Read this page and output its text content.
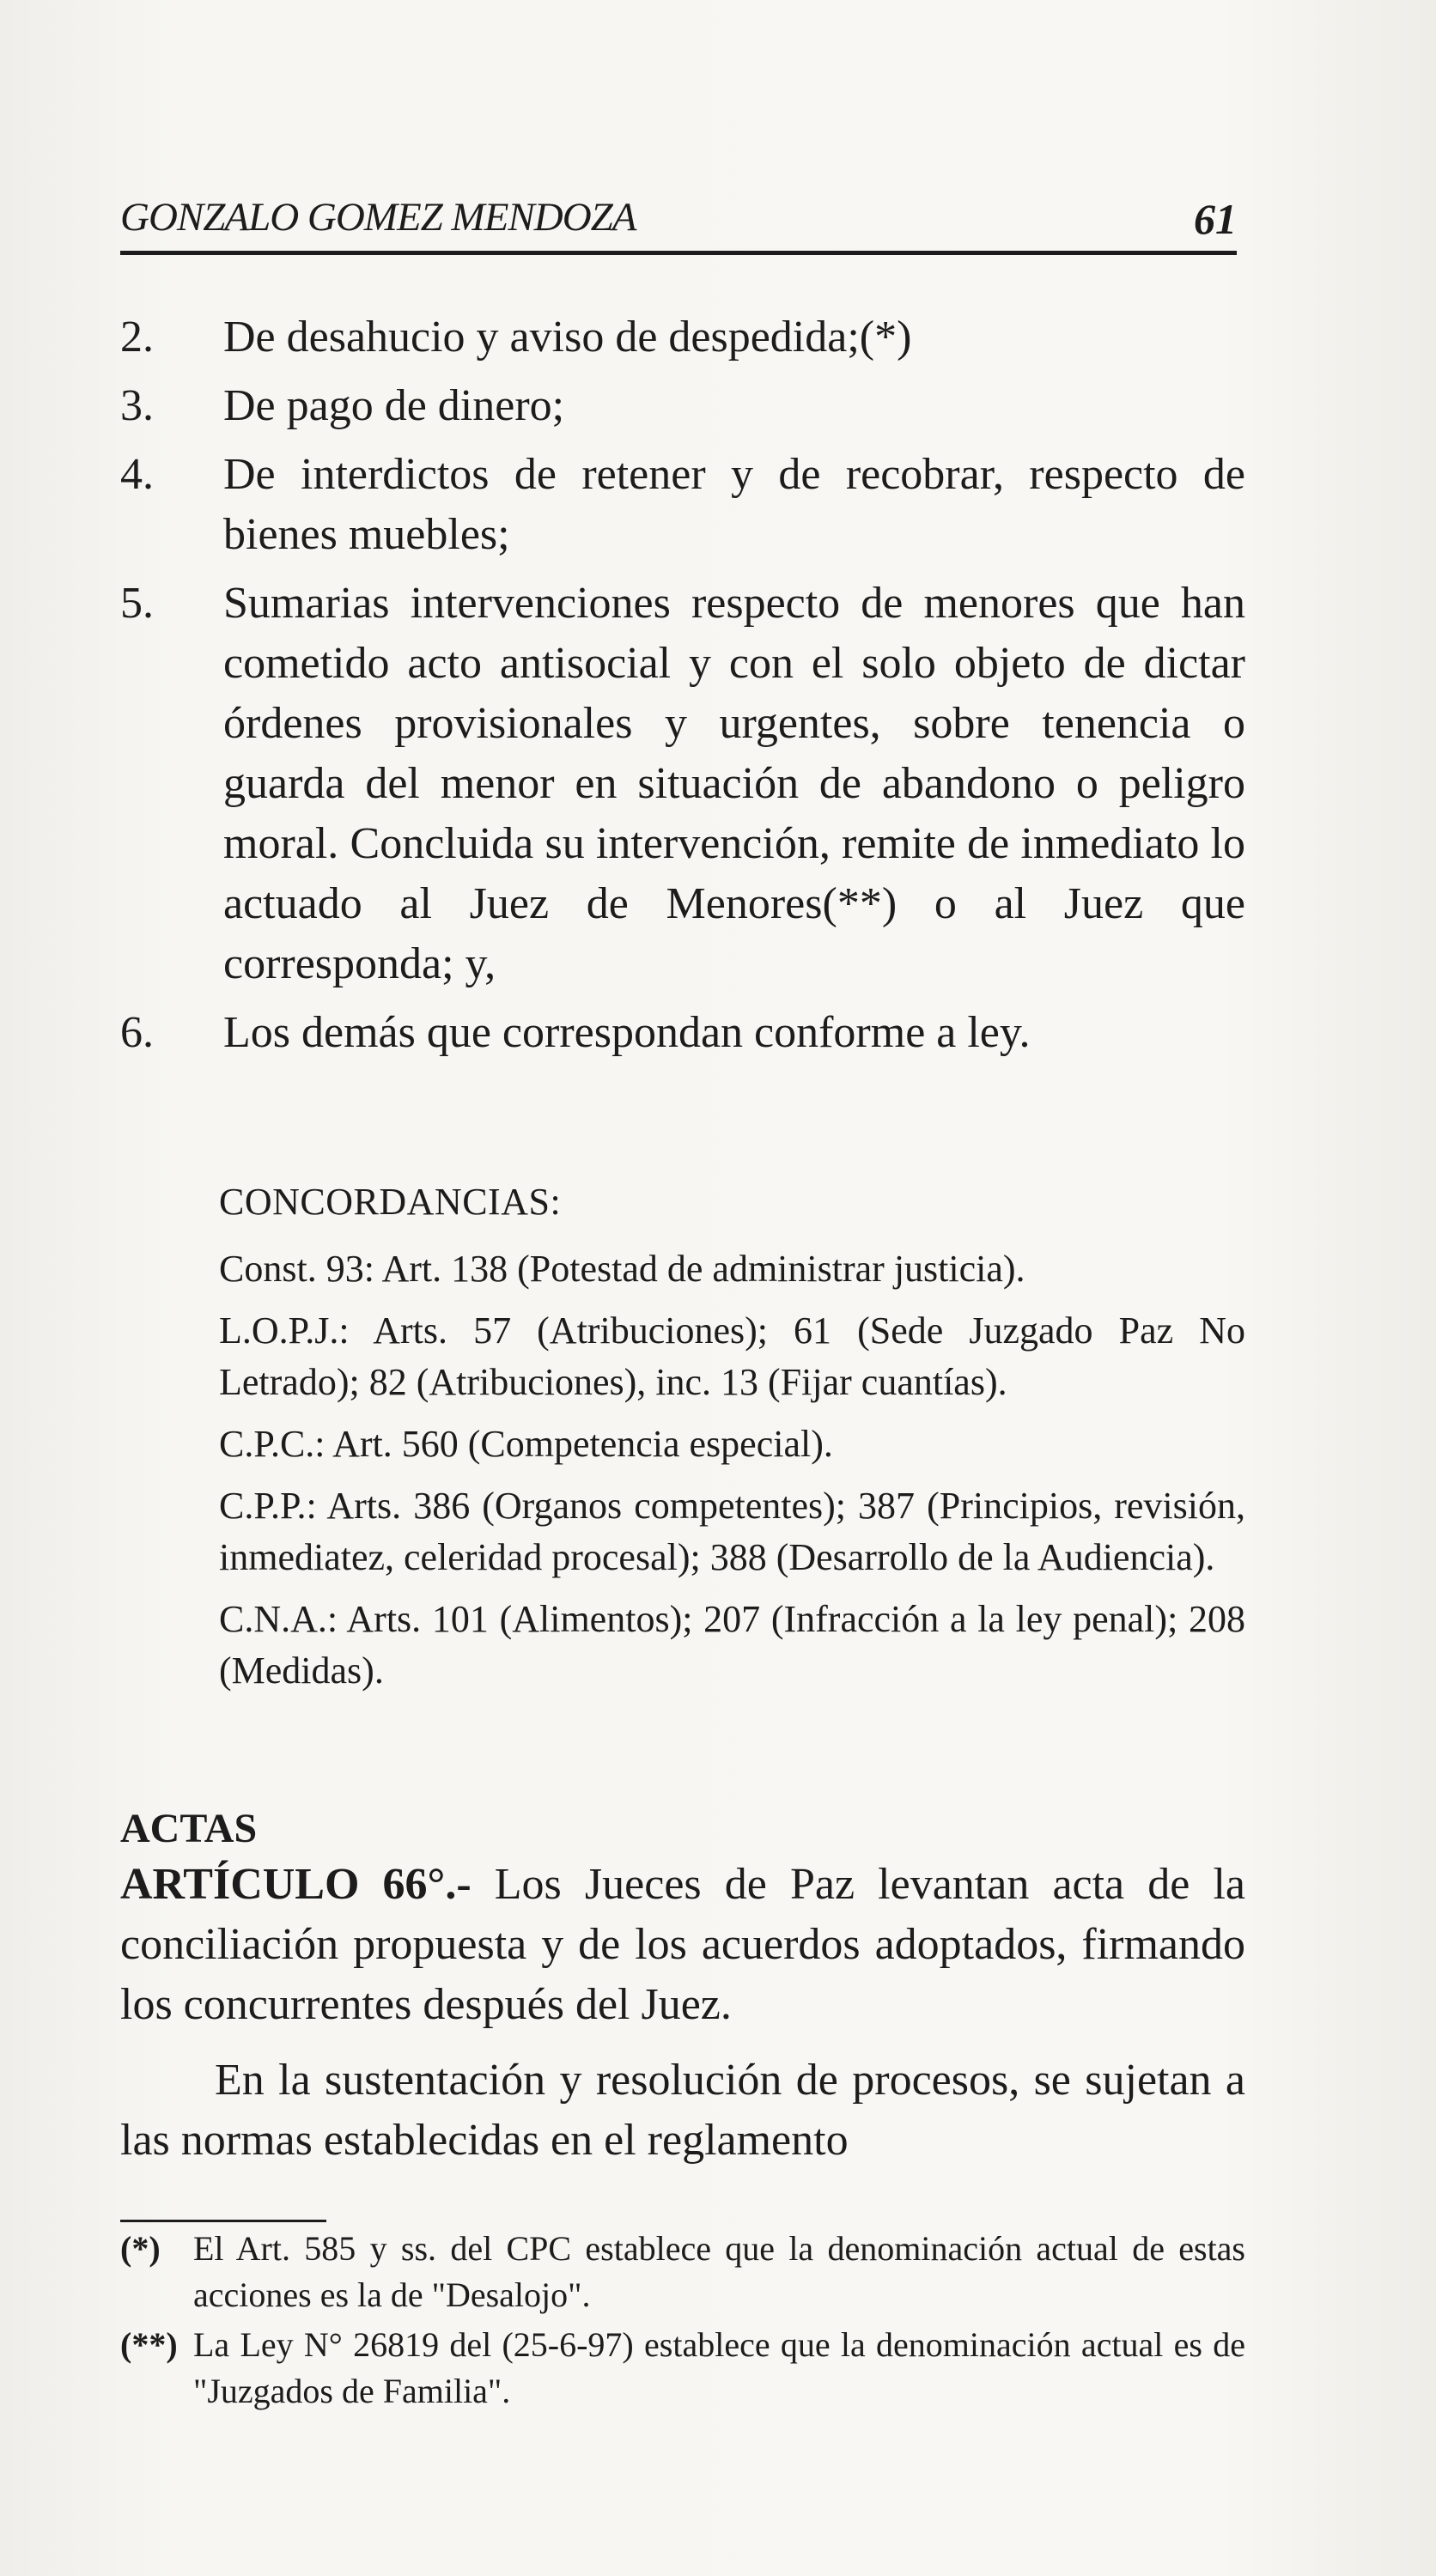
GONZALO GOMEZ MENDOZA	61
2.	De desahucio y aviso de despedida;(*)
3.	De pago de dinero;
4.	De interdictos de retener y de recobrar, respecto de bienes muebles;
5.	Sumarias intervenciones respecto de menores que han cometido acto antisocial y con el solo objeto de dictar órdenes provisionales y urgentes, sobre tenencia o guarda del menor en situación de abandono o peligro moral. Concluida su intervención, remite de inmediato lo actuado al Juez de Menores(**) o al Juez que corresponda; y,
6.	Los demás que correspondan conforme a ley.
CONCORDANCIAS:
Const. 93: Art. 138 (Potestad de administrar justicia).
L.O.P.J.: Arts. 57 (Atribuciones); 61 (Sede Juzgado Paz No Letrado); 82 (Atribuciones), inc. 13 (Fijar cuantías).
C.P.C.: Art. 560 (Competencia especial).
C.P.P.: Arts. 386 (Organos competentes); 387 (Principios, revisión, inmediatez, celeridad procesal); 388 (Desarrollo de la Audiencia).
C.N.A.: Arts. 101 (Alimentos); 207 (Infracción a la ley penal); 208 (Medidas).
ACTAS

ARTÍCULO 66°.- Los Jueces de Paz levantan acta de la conciliación propuesta y de los acuerdos adoptados, firmando los concurrentes después del Juez.

En la sustentación y resolución de procesos, se sujetan a las normas establecidas en el reglamento

(*) El Art. 585 y ss. del CPC establece que la denominación actual de estas acciones es la de "Desalojo".
(**) La Ley N° 26819 del (25-6-97) establece que la denominación actual es de "Juzgados de Familia".
